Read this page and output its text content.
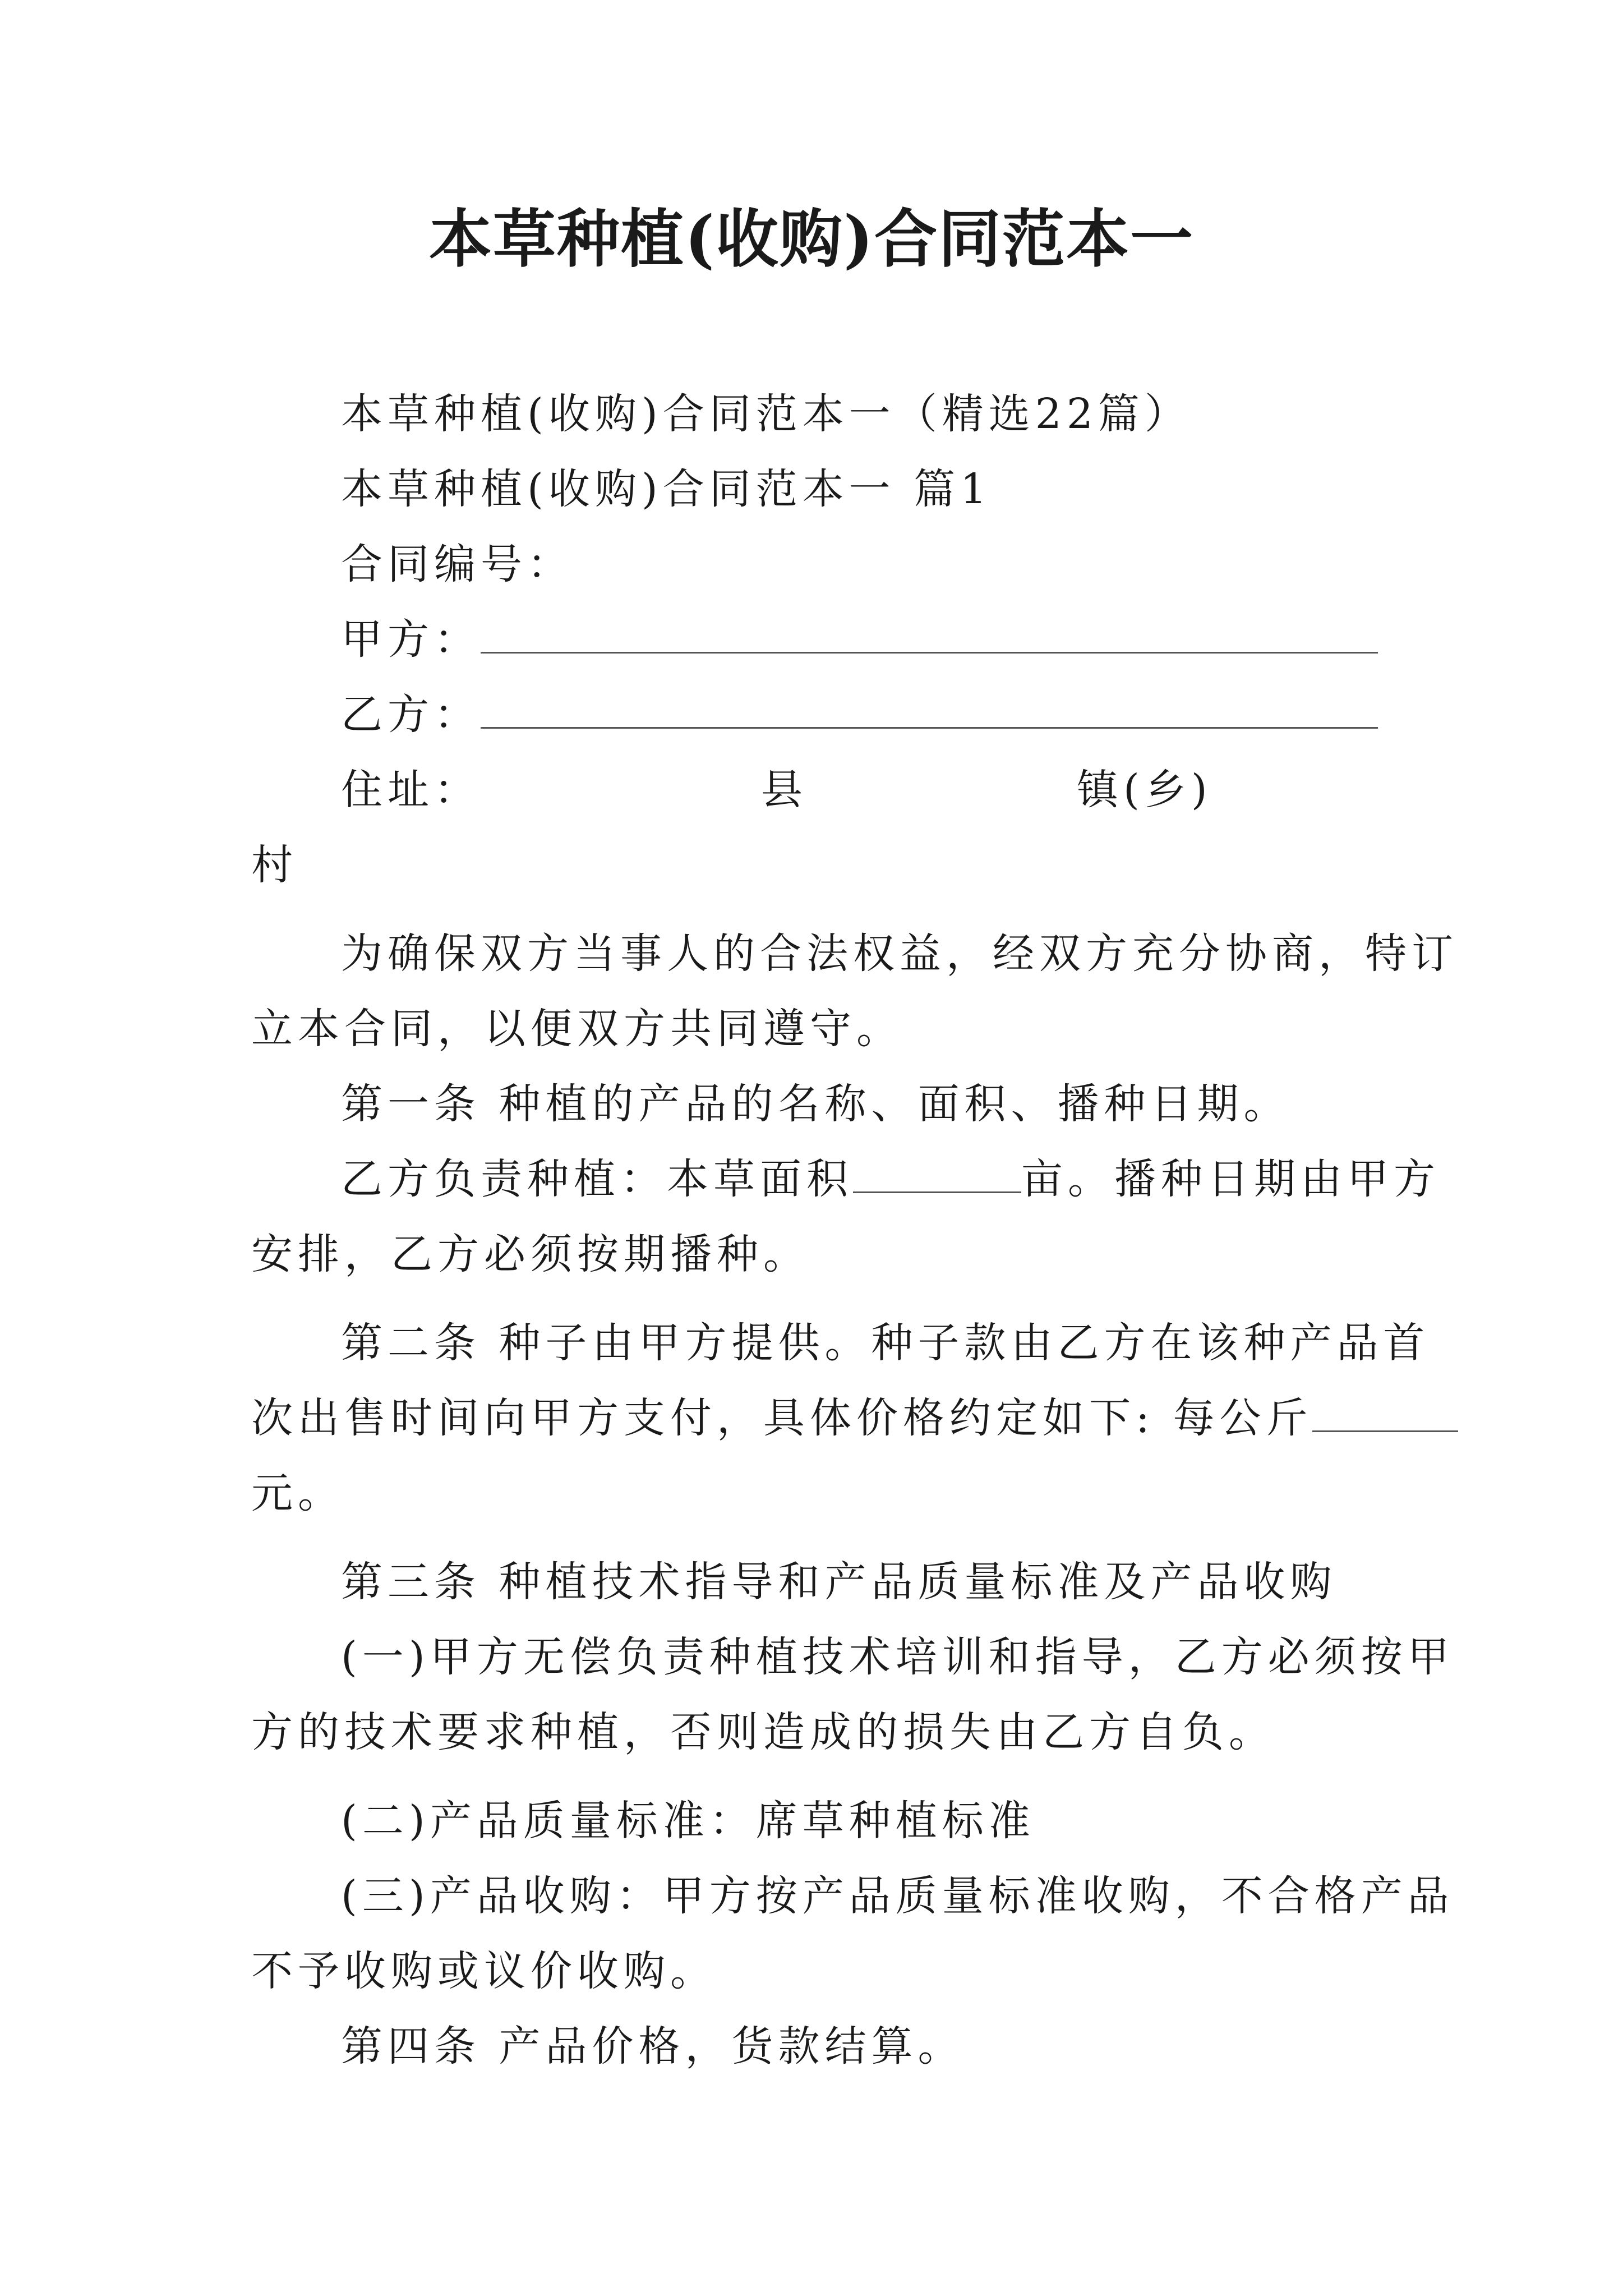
本草种植(收购)合同范本一
本草种植(收购)合同范本一（精选22篇）
本草种植(收购)合同范本一 篇1
合同编号：
甲方：
乙方：
住址：	县	镇(乡)
村
为确保双方当事人的合法权益，经双方充分协商，特订
立本合同，以便双方共同遵守。
第一条 种植的产品的名称、面积、播种日期。
乙方负责种植：本草面积	亩。播种日期由甲方
安排，乙方必须按期播种。
第二条 种子由甲方提供。种子款由乙方在该种产品首
次出售时间向甲方支付，具体价格约定如下: 每公斤
元。
第三条 种植技术指导和产品质量标准及产品收购
(一)甲方无偿负责种植技术培训和指导，乙方必须按甲
方的技术要求种植，否则造成的损失由乙方自负。
(二)产品质量标准：席草种植标准
(三)产品收购：甲方按产品质量标准收购，不合格产品
不予收购或议价收购。
第四条 产品价格，货款结算。
